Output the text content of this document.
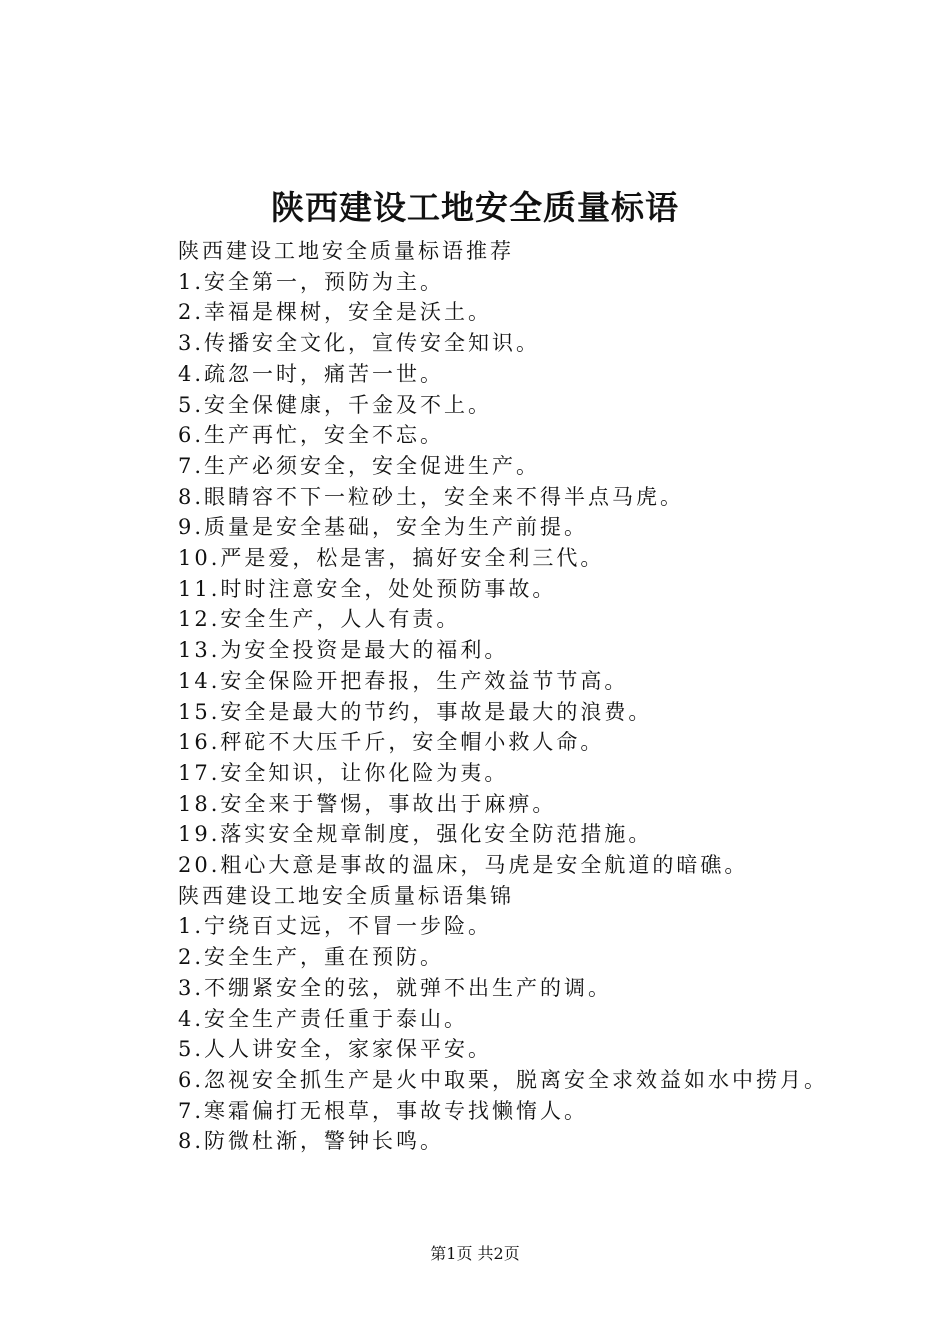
陕西建设工地安全质量标语
陕西建设工地安全质量标语推荐
1.安全第一，预防为主。
2.幸福是棵树，安全是沃土。
3.传播安全文化，宣传安全知识。
4.疏忽一时，痛苦一世。
5.安全保健康，千金及不上。
6.生产再忙，安全不忘。
7.生产必须安全，安全促进生产。
8.眼睛容不下一粒砂土，安全来不得半点马虎。
9.质量是安全基础，安全为生产前提。
10.严是爱，松是害，搞好安全利三代。
11.时时注意安全，处处预防事故。
12.安全生产，人人有责。
13.为安全投资是最大的福利。
14.安全保险开把春报，生产效益节节高。
15.安全是最大的节约，事故是最大的浪费。
16.秤砣不大压千斤，安全帽小救人命。
17.安全知识，让你化险为夷。
18.安全来于警惕，事故出于麻痹。
19.落实安全规章制度，强化安全防范措施。
20.粗心大意是事故的温床，马虎是安全航道的暗礁。
陕西建设工地安全质量标语集锦
1.宁绕百丈远，不冒一步险。
2.安全生产，重在预防。
3.不绷紧安全的弦，就弹不出生产的调。
4.安全生产责任重于泰山。
5.人人讲安全，家家保平安。
6.忽视安全抓生产是火中取栗，脱离安全求效益如水中捞月。
7.寒霜偏打无根草，事故专找懒惰人。
8.防微杜渐，警钟长鸣。
第1页 共2页
